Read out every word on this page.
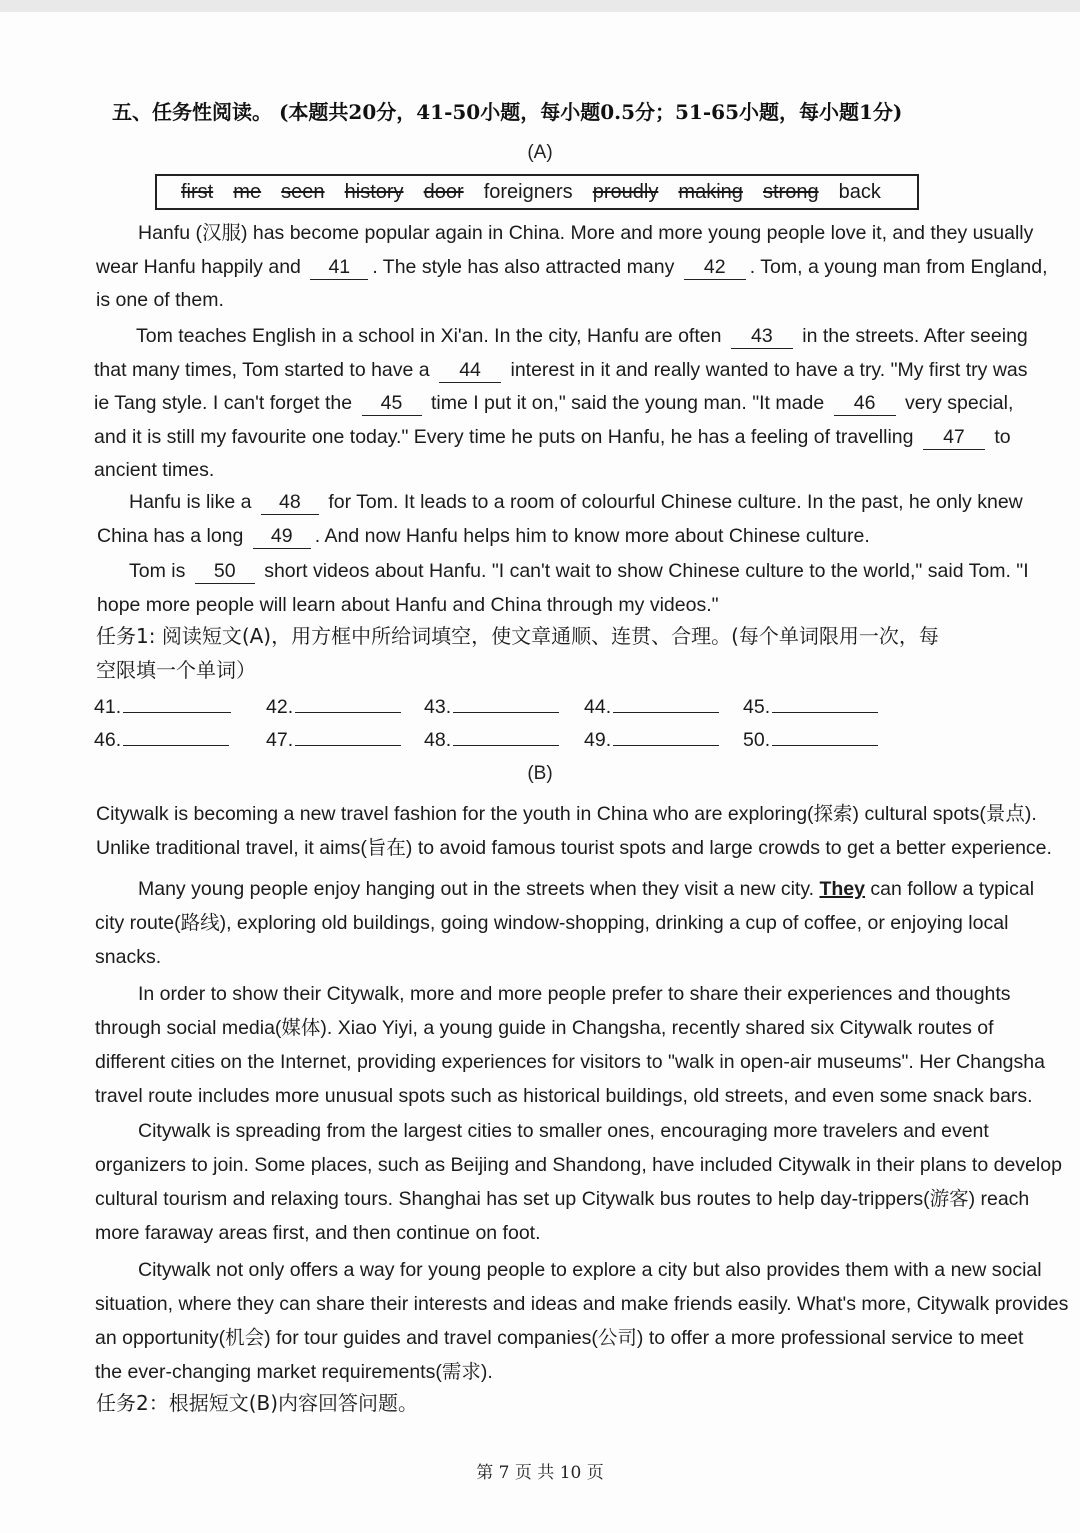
五、任务性阅读。 (本题共20分，41-50小题，每小题0.5分；51-65小题，每小题1分)
(A)
first me seen history door foreigners proudly making strong back
Hanfu (汉服) has become popular again in China. More and more young people love it, and they usually
wear Hanfu happily and 41 . The style has also attracted many 42 . Tom, a young man from England,
is one of them.
Tom teaches English in a school in Xi'an. In the city, Hanfu are often 43 in the streets. After seeing
that many times, Tom started to have a 44 interest in it and really wanted to have a try. "My first try was
ie Tang style. I can't forget the 45 time I put it on," said the young man. "It made 46 very special,
and it is still my favourite one today." Every time he puts on Hanfu, he has a feeling of travelling 47 to
ancient times.
Hanfu is like a 48 for Tom. It leads to a room of colourful Chinese culture. In the past, he only knew
China has a long 49 . And now Hanfu helps him to know more about Chinese culture.
Tom is 50 short videos about Hanfu. "I can't wait to show Chinese culture to the world," said Tom. "I
hope more people will learn about Hanfu and China through my videos."
任务1: 阅读短文(A)，用方框中所给词填空，使文章通顺、连贯、合理。(每个单词限用一次，每
空限填一个单词）
41.	42.	43.	44.	45.
46.	47.	48.	49.	50.
(B)
Citywalk is becoming a new travel fashion for the youth in China who are exploring(探索) cultural spots(景点).
Unlike traditional travel, it aims(旨在) to avoid famous tourist spots and large crowds to get a better experience.
Many young people enjoy hanging out in the streets when they visit a new city. They can follow a typical
city route(路线), exploring old buildings, going window-shopping, drinking a cup of coffee, or enjoying local
snacks.
In order to show their Citywalk, more and more people prefer to share their experiences and thoughts
through social media(媒体). Xiao Yiyi, a young guide in Changsha, recently shared six Citywalk routes of
different cities on the Internet, providing experiences for visitors to "walk in open-air museums". Her Changsha
travel route includes more unusual spots such as historical buildings, old streets, and even some snack bars.
Citywalk is spreading from the largest cities to smaller ones, encouraging more travelers and event
organizers to join. Some places, such as Beijing and Shandong, have included Citywalk in their plans to develop
cultural tourism and relaxing tours. Shanghai has set up Citywalk bus routes to help day-trippers(游客) reach
more faraway areas first, and then continue on foot.
Citywalk not only offers a way for young people to explore a city but also provides them with a new social
situation, where they can share their interests and ideas and make friends easily. What's more, Citywalk provides
an opportunity(机会) for tour guides and travel companies(公司) to offer a more professional service to meet
the ever-changing market requirements(需求).
任务2：根据短文(B)内容回答问题。
第 7 页 共 10 页
